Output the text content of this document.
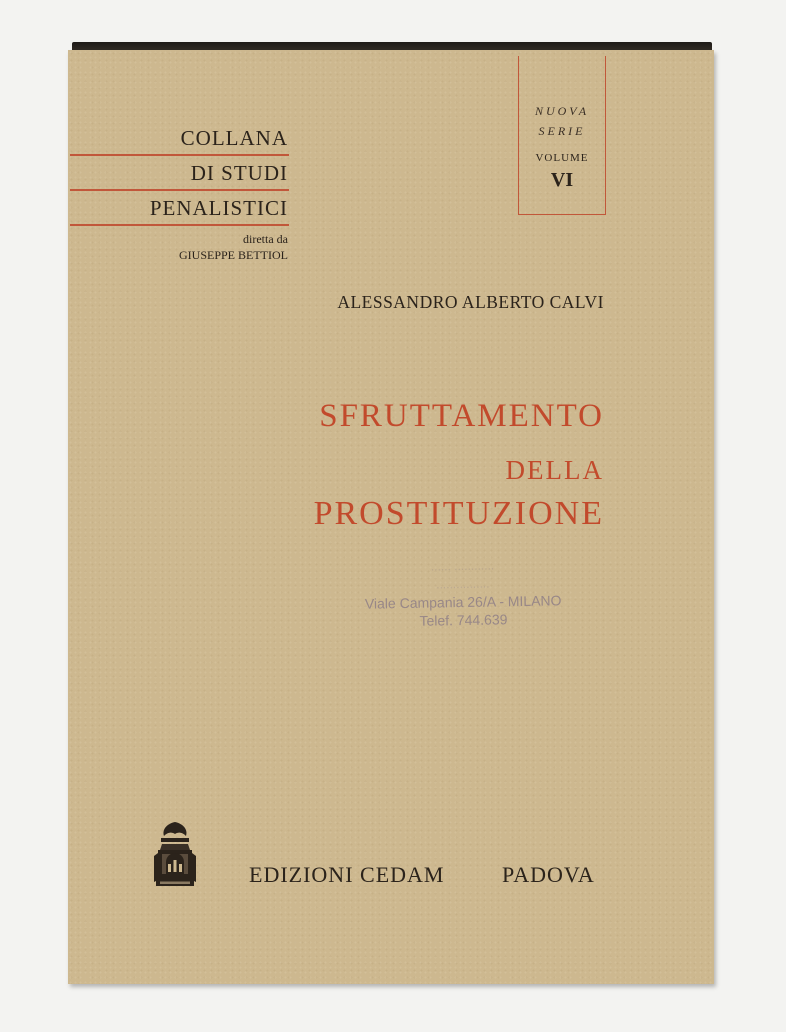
NUOVA
SERIE
VOLUME
VI
COLLANA
DI STUDI
PENALISTICI
diretta da
GIUSEPPE BETTIOL
ALESSANDRO ALBERTO CALVI
SFRUTTAMENTO
DELLA
PROSTITUZIONE
...... ............
................
Viale Campania 26/A - MILANO
Telef. 744.639
EDIZIONI CEDAM	PADOVA
